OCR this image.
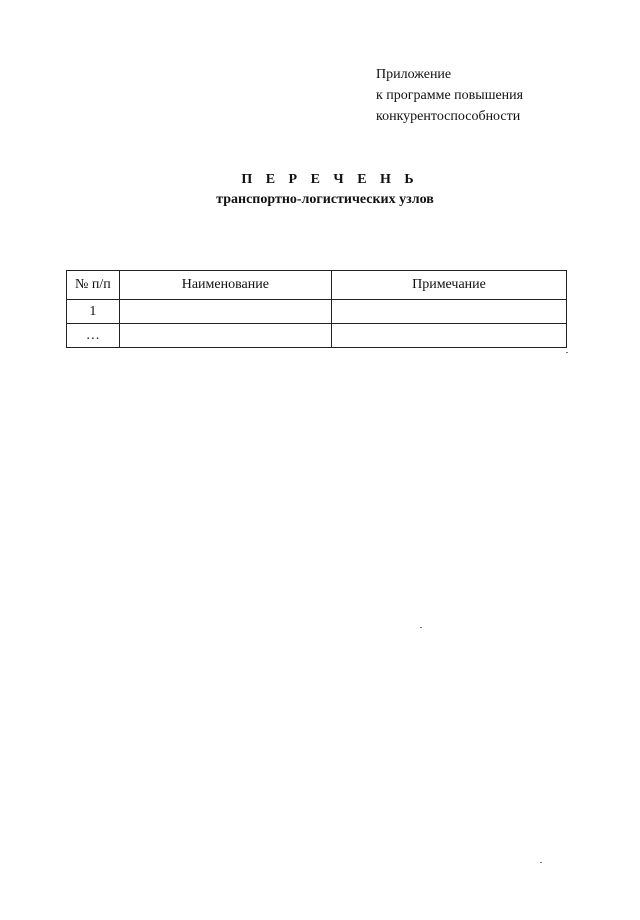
Приложение
к программе повышения
конкурентоспособности
П Е Р Е Ч Е Н Ь
транспортно-логистических узлов
№ п/п	Наименование	Примечание
1		
…		
